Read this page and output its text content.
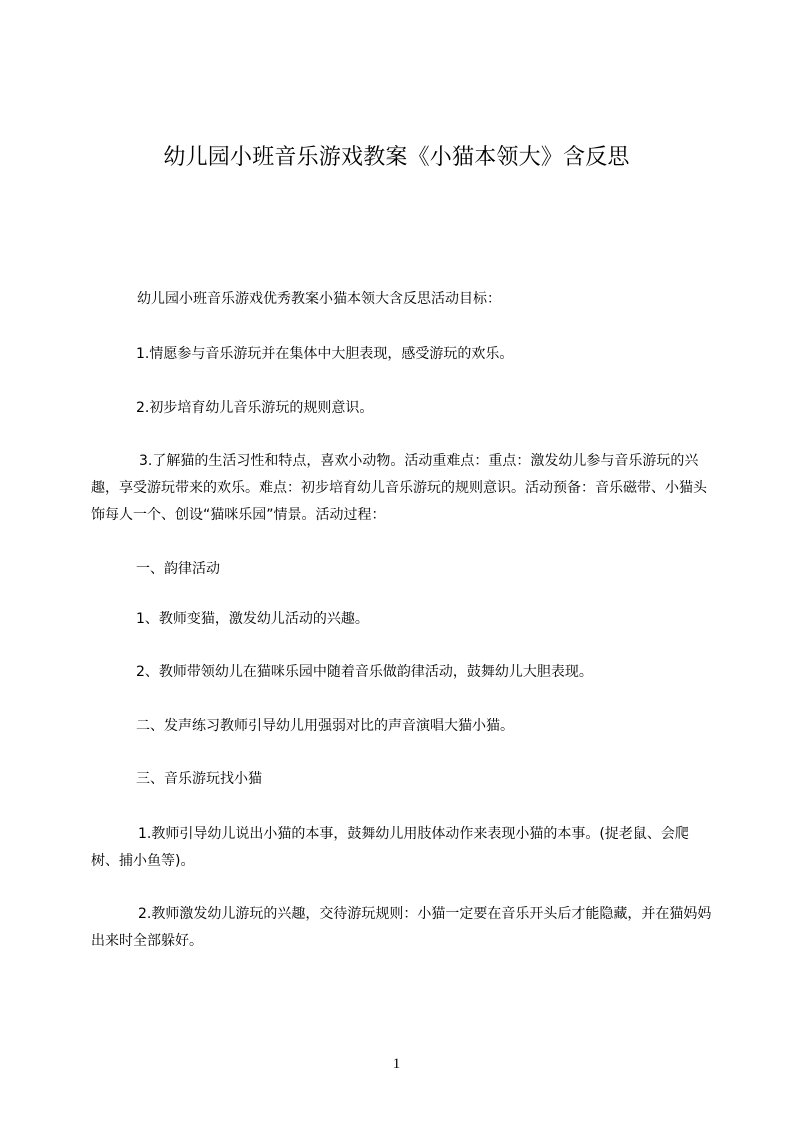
幼儿园小班音乐游戏教案《小猫本领大》含反思

幼儿园小班音乐游戏优秀教案小猫本领大含反思活动目标：

1.情愿参与音乐游玩并在集体中大胆表现，感受游玩的欢乐。

2.初步培育幼儿音乐游玩的规则意识。

3.了解猫的生活习性和特点，喜欢小动物。活动重难点：重点：激发幼儿参与音乐游玩的兴趣，享受游玩带来的欢乐。难点：初步培育幼儿音乐游玩的规则意识。活动预备：音乐磁带、小猫头饰每人一个、创设“猫咪乐园”情景。活动过程：

一、韵律活动

1、教师变猫，激发幼儿活动的兴趣。

2、教师带领幼儿在猫咪乐园中随着音乐做韵律活动，鼓舞幼儿大胆表现。

二、发声练习教师引导幼儿用强弱对比的声音演唱大猫小猫。

三、音乐游玩找小猫

1.教师引导幼儿说出小猫的本事，鼓舞幼儿用肢体动作来表现小猫的本事。(捉老鼠、会爬树、捕小鱼等)。

2.教师激发幼儿游玩的兴趣，交待游玩规则：小猫一定要在音乐开头后才能隐藏，并在猫妈妈出来时全部躲好。

1
